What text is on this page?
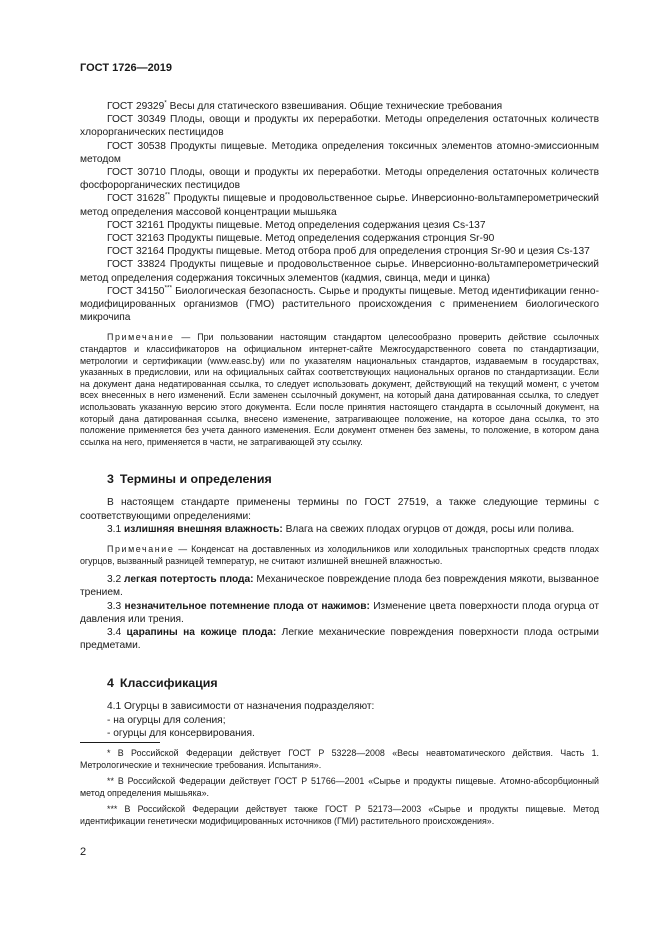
ГОСТ 1726—2019

ГОСТ 29329* Весы для статического взвешивания. Общие технические требования

ГОСТ 30349 Плоды, овощи и продукты их переработки. Методы определения остаточных количеств хлорорганических пестицидов

ГОСТ 30538 Продукты пищевые. Методика определения токсичных элементов атомно-эмиссионным методом

ГОСТ 30710 Плоды, овощи и продукты их переработки. Методы определения остаточных количеств фосфорорганических пестицидов

ГОСТ 31628** Продукты пищевые и продовольственное сырье. Инверсионно-вольтамперометрический метод определения массовой концентрации мышьяка

ГОСТ 32161 Продукты пищевые. Метод определения содержания цезия Cs-137

ГОСТ 32163 Продукты пищевые. Метод определения содержания стронция Sr-90

ГОСТ 32164 Продукты пищевые. Метод отбора проб для определения стронция Sr-90 и цезия Cs-137

ГОСТ 33824 Продукты пищевые и продовольственное сырье. Инверсионно-вольтамперометрический метод определения содержания токсичных элементов (кадмия, свинца, меди и цинка)

ГОСТ 34150*** Биологическая безопасность. Сырье и продукты пищевые. Метод идентификации генно-модифицированных организмов (ГМО) растительного происхождения с применением биологического микрочипа

Примечание — При пользовании настоящим стандартом целесообразно проверить действие ссылочных стандартов и классификаторов на официальном интернет-сайте Межгосударственного совета по стандартизации, метрологии и сертификации (www.easc.by) или по указателям национальных стандартов, издаваемым в государствах, указанных в предисловии, или на официальных сайтах соответствующих национальных органов по стандартизации. Если на документ дана недатированная ссылка, то следует использовать документ, действующий на текущий момент, с учетом всех внесенных в него изменений. Если заменен ссылочный документ, на который дана датированная ссылка, то следует использовать указанную версию этого документа. Если после принятия настоящего стандарта в ссылочный документ, на который дана датированная ссылка, внесено изменение, затрагивающее положение, на которое дана ссылка, то это положение применяется без учета данного изменения. Если документ отменен без замены, то положение, в котором дана ссылка на него, применяется в части, не затрагивающей эту ссылку.

3 Термины и определения

В настоящем стандарте применены термины по ГОСТ 27519, а также следующие термины с соответствующими определениями:

3.1 излишняя внешняя влажность: Влага на свежих плодах огурцов от дождя, росы или полива.

Примечание — Конденсат на доставленных из холодильников или холодильных транспортных средств плодах огурцов, вызванный разницей температур, не считают излишней внешней влажностью.

3.2 легкая потертость плода: Механическое повреждение плода без повреждения мякоти, вызванное трением.

3.3 незначительное потемнение плода от нажимов: Изменение цвета поверхности плода огурца от давления или трения.

3.4 царапины на кожице плода: Легкие механические повреждения поверхности плода острыми предметами.

4 Классификация

4.1 Огурцы в зависимости от назначения подразделяют:

- на огурцы для соления;
- огурцы для консервирования.

* В Российской Федерации действует ГОСТ Р 53228—2008 «Весы неавтоматического действия. Часть 1. Метрологические и технические требования. Испытания».

** В Российской Федерации действует ГОСТ Р 51766—2001 «Сырье и продукты пищевые. Атомно-абсорбционный метод определения мышьяка».

*** В Российской Федерации действует также ГОСТ Р 52173—2003 «Сырье и продукты пищевые. Метод идентификации генетически модифицированных источников (ГМИ) растительного происхождения».

2
